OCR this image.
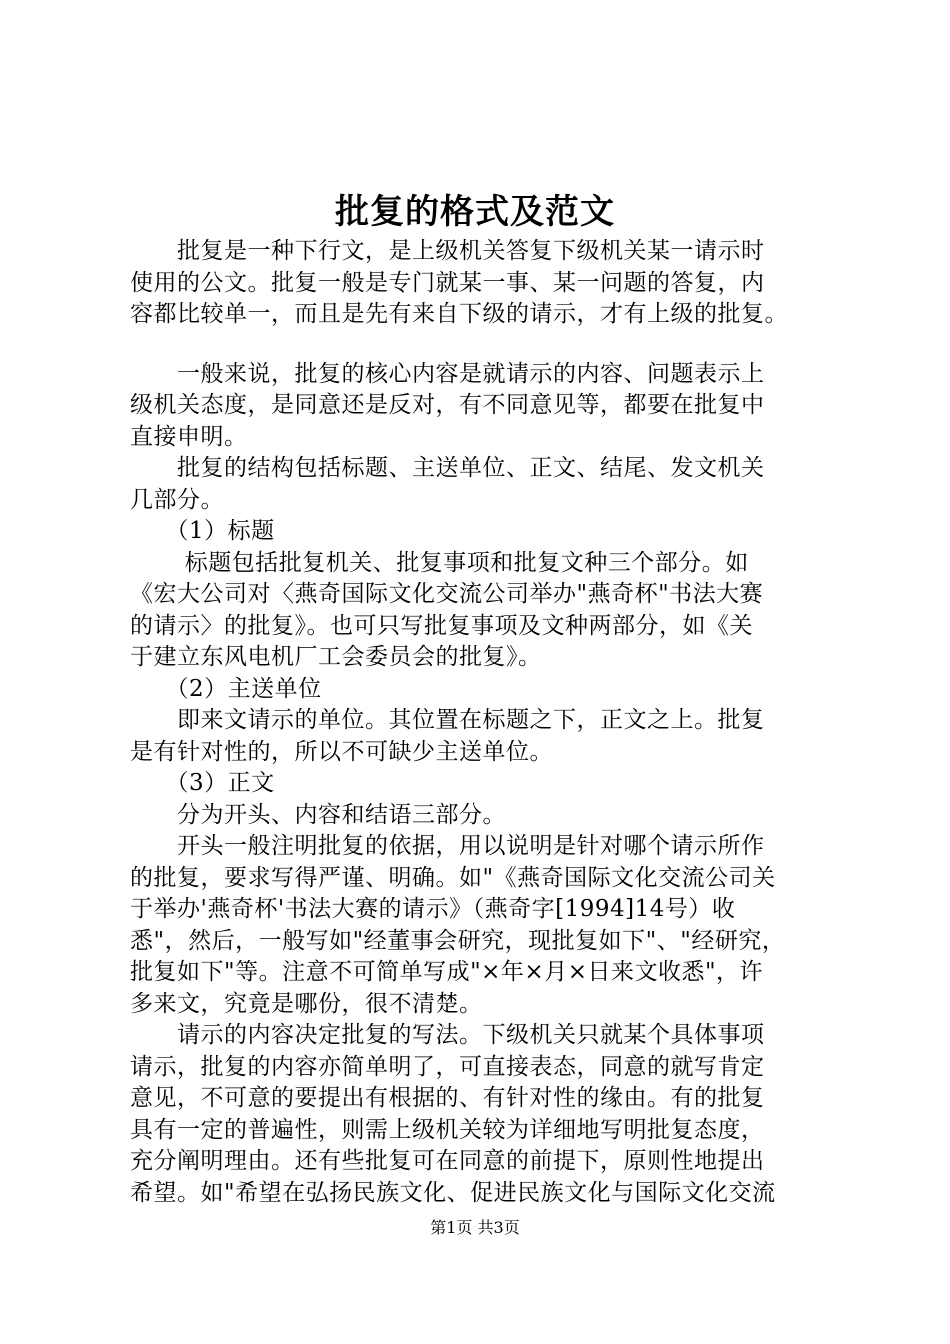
批复的格式及范文
　　批复是一种下行文，是上级机关答复下级机关某一请示时
使用的公文。批复一般是专门就某一事、某一问题的答复，内
容都比较单一，而且是先有来自下级的请示，才有上级的批复。
　　一般来说，批复的核心内容是就请示的内容、问题表示上
级机关态度，是同意还是反对，有不同意见等，都要在批复中
直接申明。
　　批复的结构包括标题、主送单位、正文、结尾、发文机关
几部分。
　　（1）标题
　　 标题包括批复机关、批复事项和批复文种三个部分。如
《宏大公司对〈燕奇国际文化交流公司举办"燕奇杯"书法大赛
的请示〉的批复》。也可只写批复事项及文种两部分，如《关
于建立东风电机厂工会委员会的批复》。
　　（2）主送单位
　　即来文请示的单位。其位置在标题之下，正文之上。批复
是有针对性的，所以不可缺少主送单位。
　　（3）正文
　　分为开头、内容和结语三部分。
　　开头一般注明批复的依据，用以说明是针对哪个请示所作
的批复，要求写得严谨、明确。如"《燕奇国际文化交流公司关
于举办'燕奇杯'书法大赛的请示》（燕奇字[1994]14号）收
悉"，然后，一般写如"经董事会研究，现批复如下"、"经研究，
批复如下"等。注意不可简单写成"×年×月×日来文收悉"，许
多来文，究竟是哪份，很不清楚。
　　请示的内容决定批复的写法。下级机关只就某个具体事项
请示，批复的内容亦简单明了，可直接表态，同意的就写肯定
意见，不可意的要提出有根据的、有针对性的缘由。有的批复
具有一定的普遍性，则需上级机关较为详细地写明批复态度，
充分阐明理由。还有些批复可在同意的前提下，原则性地提出
希望。如"希望在弘扬民族文化、促进民族文化与国际文化交流
第1页 共3页
